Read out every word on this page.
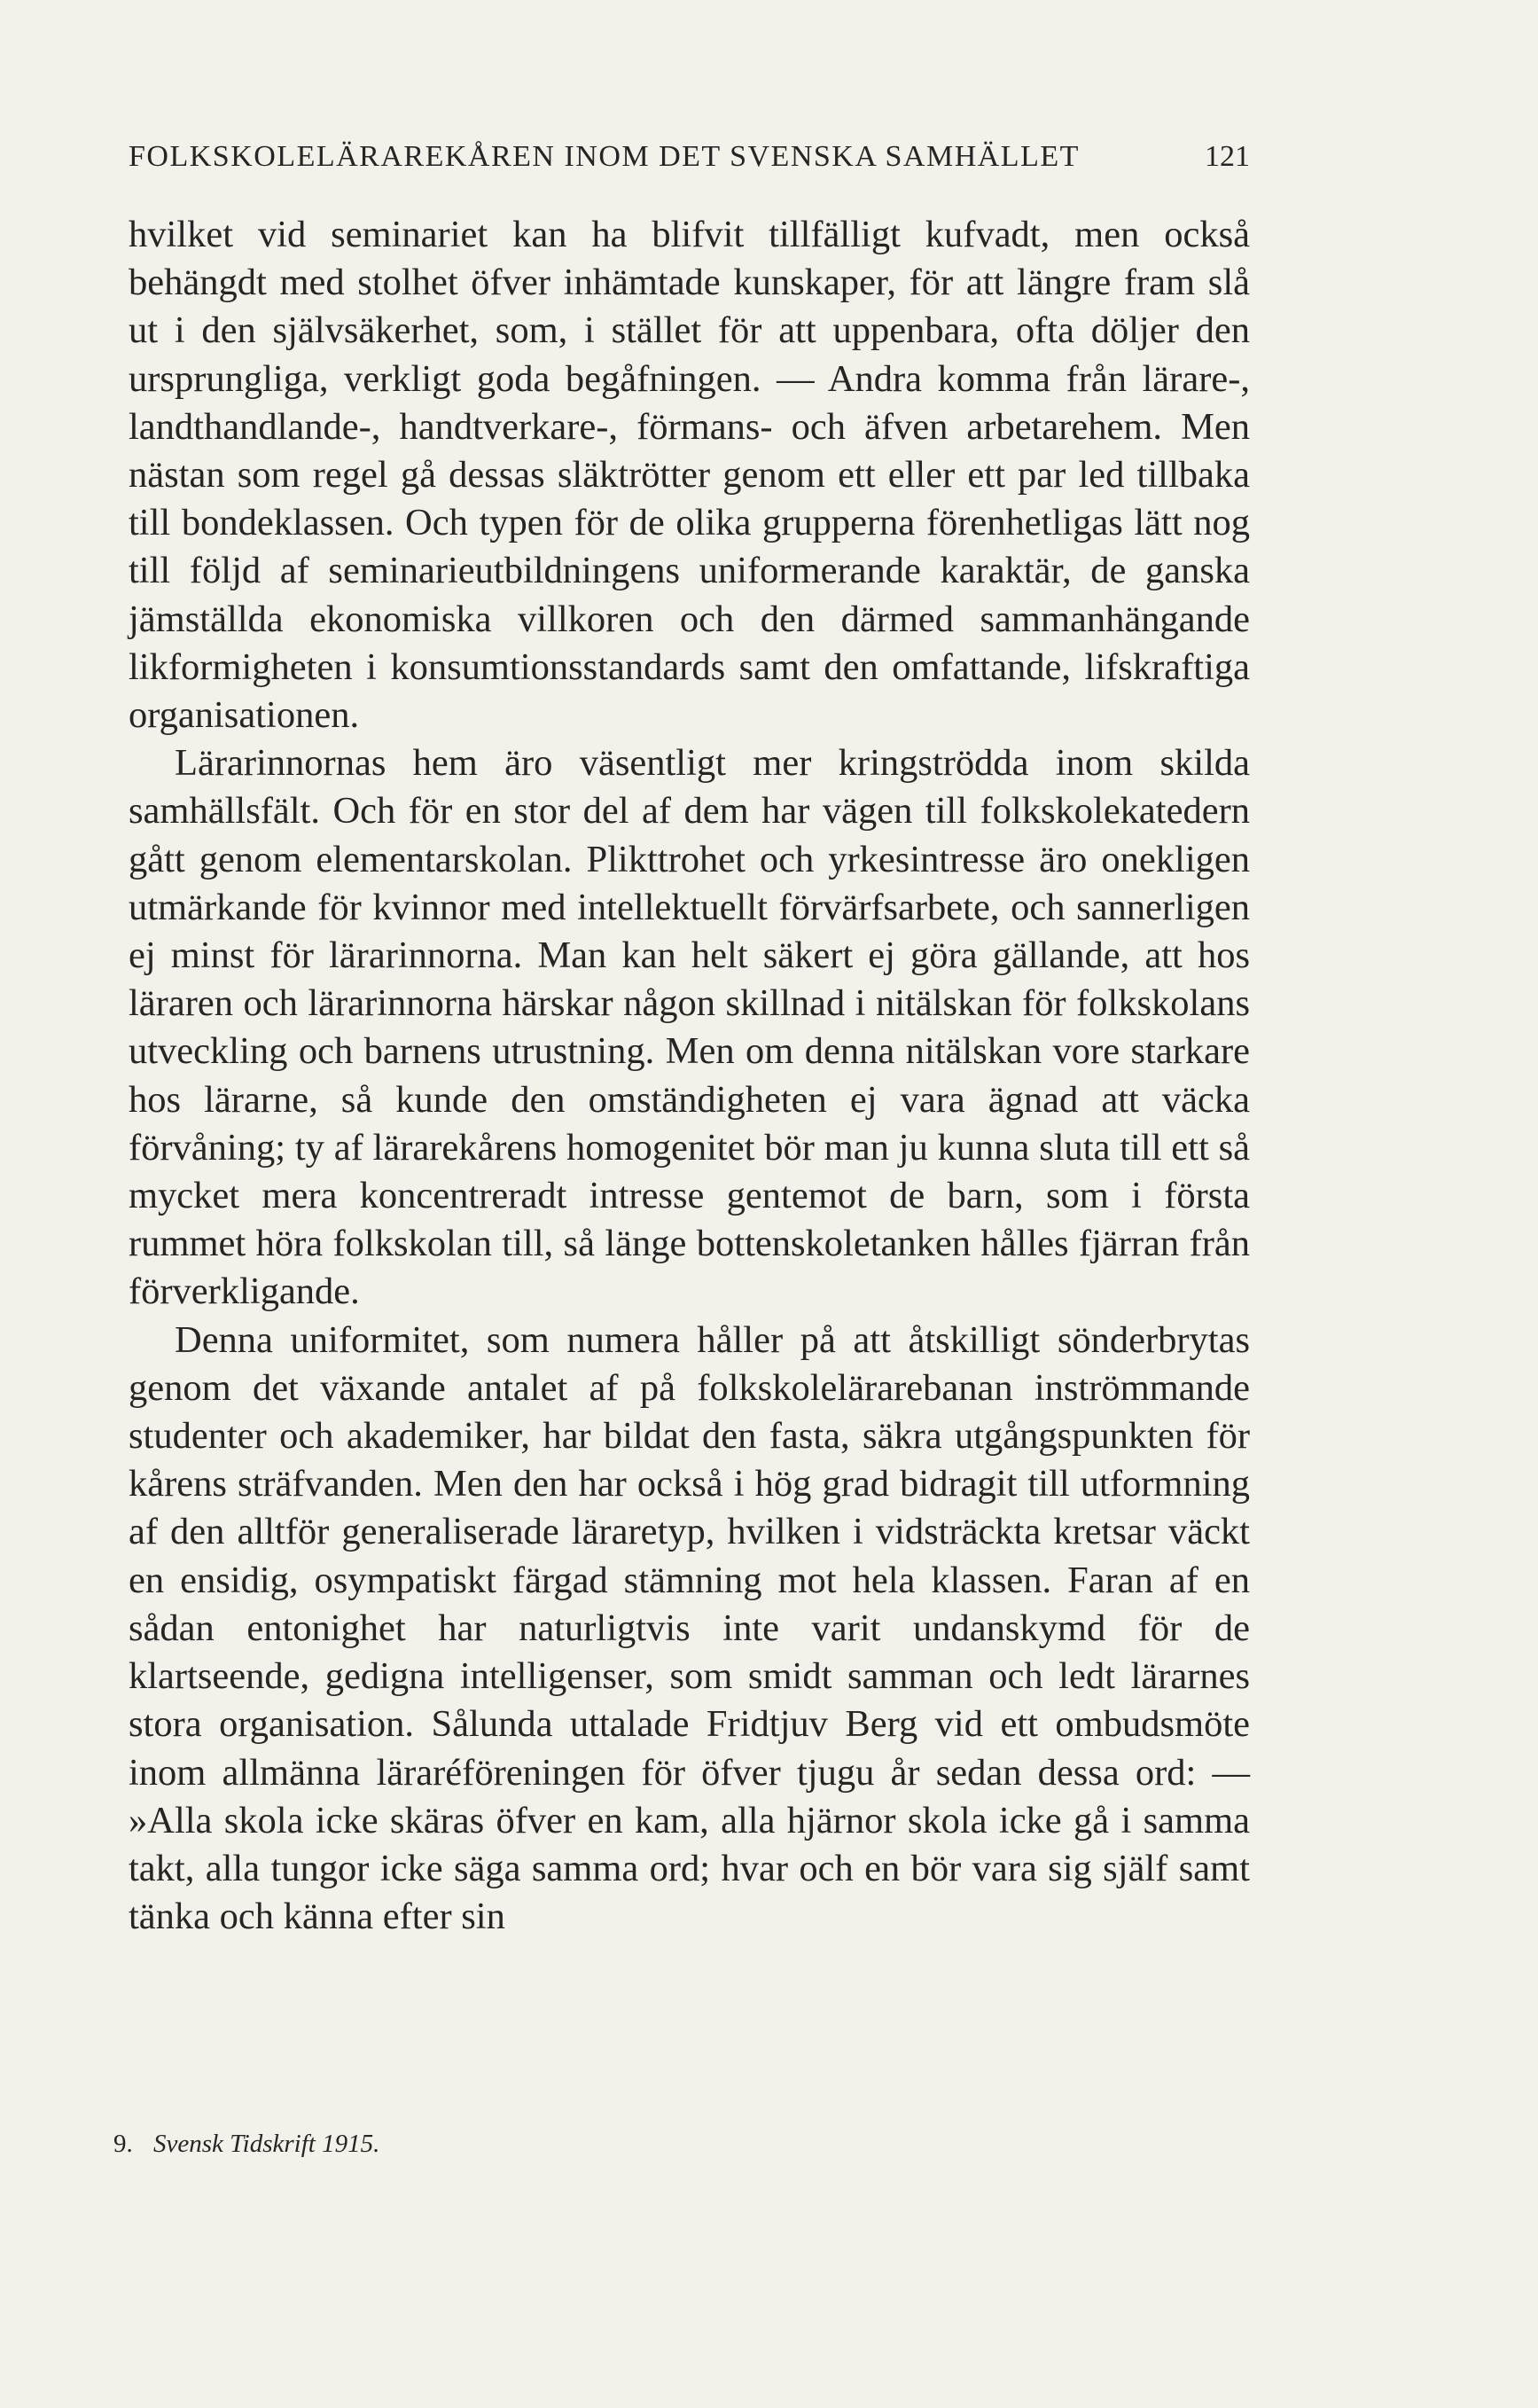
FOLKSKOLELÄRAREKÅREN INOM DET SVENSKA SAMHÄLLET	121

hvilket vid seminariet kan ha blifvit tillfälligt kufvadt, men också behängdt med stolhet öfver inhämtade kunskaper, för att längre fram slå ut i den självsäkerhet, som, i stället för att uppenbara, ofta döljer den ursprungliga, verkligt goda begåfningen. — Andra komma från lärare-, landthandlande-, handtverkare-, förmans- och äfven arbetarehem. Men nästan som regel gå dessas släktrötter genom ett eller ett par led tillbaka till bondeklassen. Och typen för de olika grupperna förenhetligas lätt nog till följd af seminarieutbildningens uniformerande karaktär, de ganska jämställda ekonomiska villkoren och den därmed sammanhängande likformigheten i konsumtionsstandards samt den omfattande, lifskraftiga organisationen.

Lärarinnornas hem äro väsentligt mer kringströdda inom skilda samhällsfält. Och för en stor del af dem har vägen till folkskolekatedern gått genom elementarskolan. Plikttrohet och yrkesintresse äro onekligen utmärkande för kvinnor med intellektuellt förvärfsarbete, och sannerligen ej minst för lärarinnorna. Man kan helt säkert ej göra gällande, att hos läraren och lärarinnorna härskar någon skillnad i nitälskan för folkskolans utveckling och barnens utrustning. Men om denna nitälskan vore starkare hos lärarne, så kunde den omständigheten ej vara ägnad att väcka förvåning; ty af lärarekårens homogenitet bör man ju kunna sluta till ett så mycket mera koncentreradt intresse gentemot de barn, som i första rummet höra folkskolan till, så länge bottenskoletanken hålles fjärran från förverkligande.

Denna uniformitet, som numera håller på att åtskilligt sönderbrytas genom det växande antalet af på folkskolelärarebanan inströmmande studenter och akademiker, har bildat den fasta, säkra utgångspunkten för kårens sträfvanden. Men den har också i hög grad bidragit till utformning af den alltför generaliserade läraretyp, hvilken i vidsträckta kretsar väckt en ensidig, osympatiskt färgad stämning mot hela klassen. Faran af en sådan entonighet har naturligtvis inte varit undanskymd för de klartseende, gedigna intelligenser, som smidt samman och ledt lärarnes stora organisation. Sålunda uttalade Fridtjuv Berg vid ett ombudsmöte inom allmänna läraréföreningen för öfver tjugu år sedan dessa ord: — »Alla skola icke skäras öfver en kam, alla hjärnor skola icke gå i samma takt, alla tungor icke säga samma ord; hvar och en bör vara sig själf samt tänka och känna efter sin

9. Svensk Tidskrift 1915.
